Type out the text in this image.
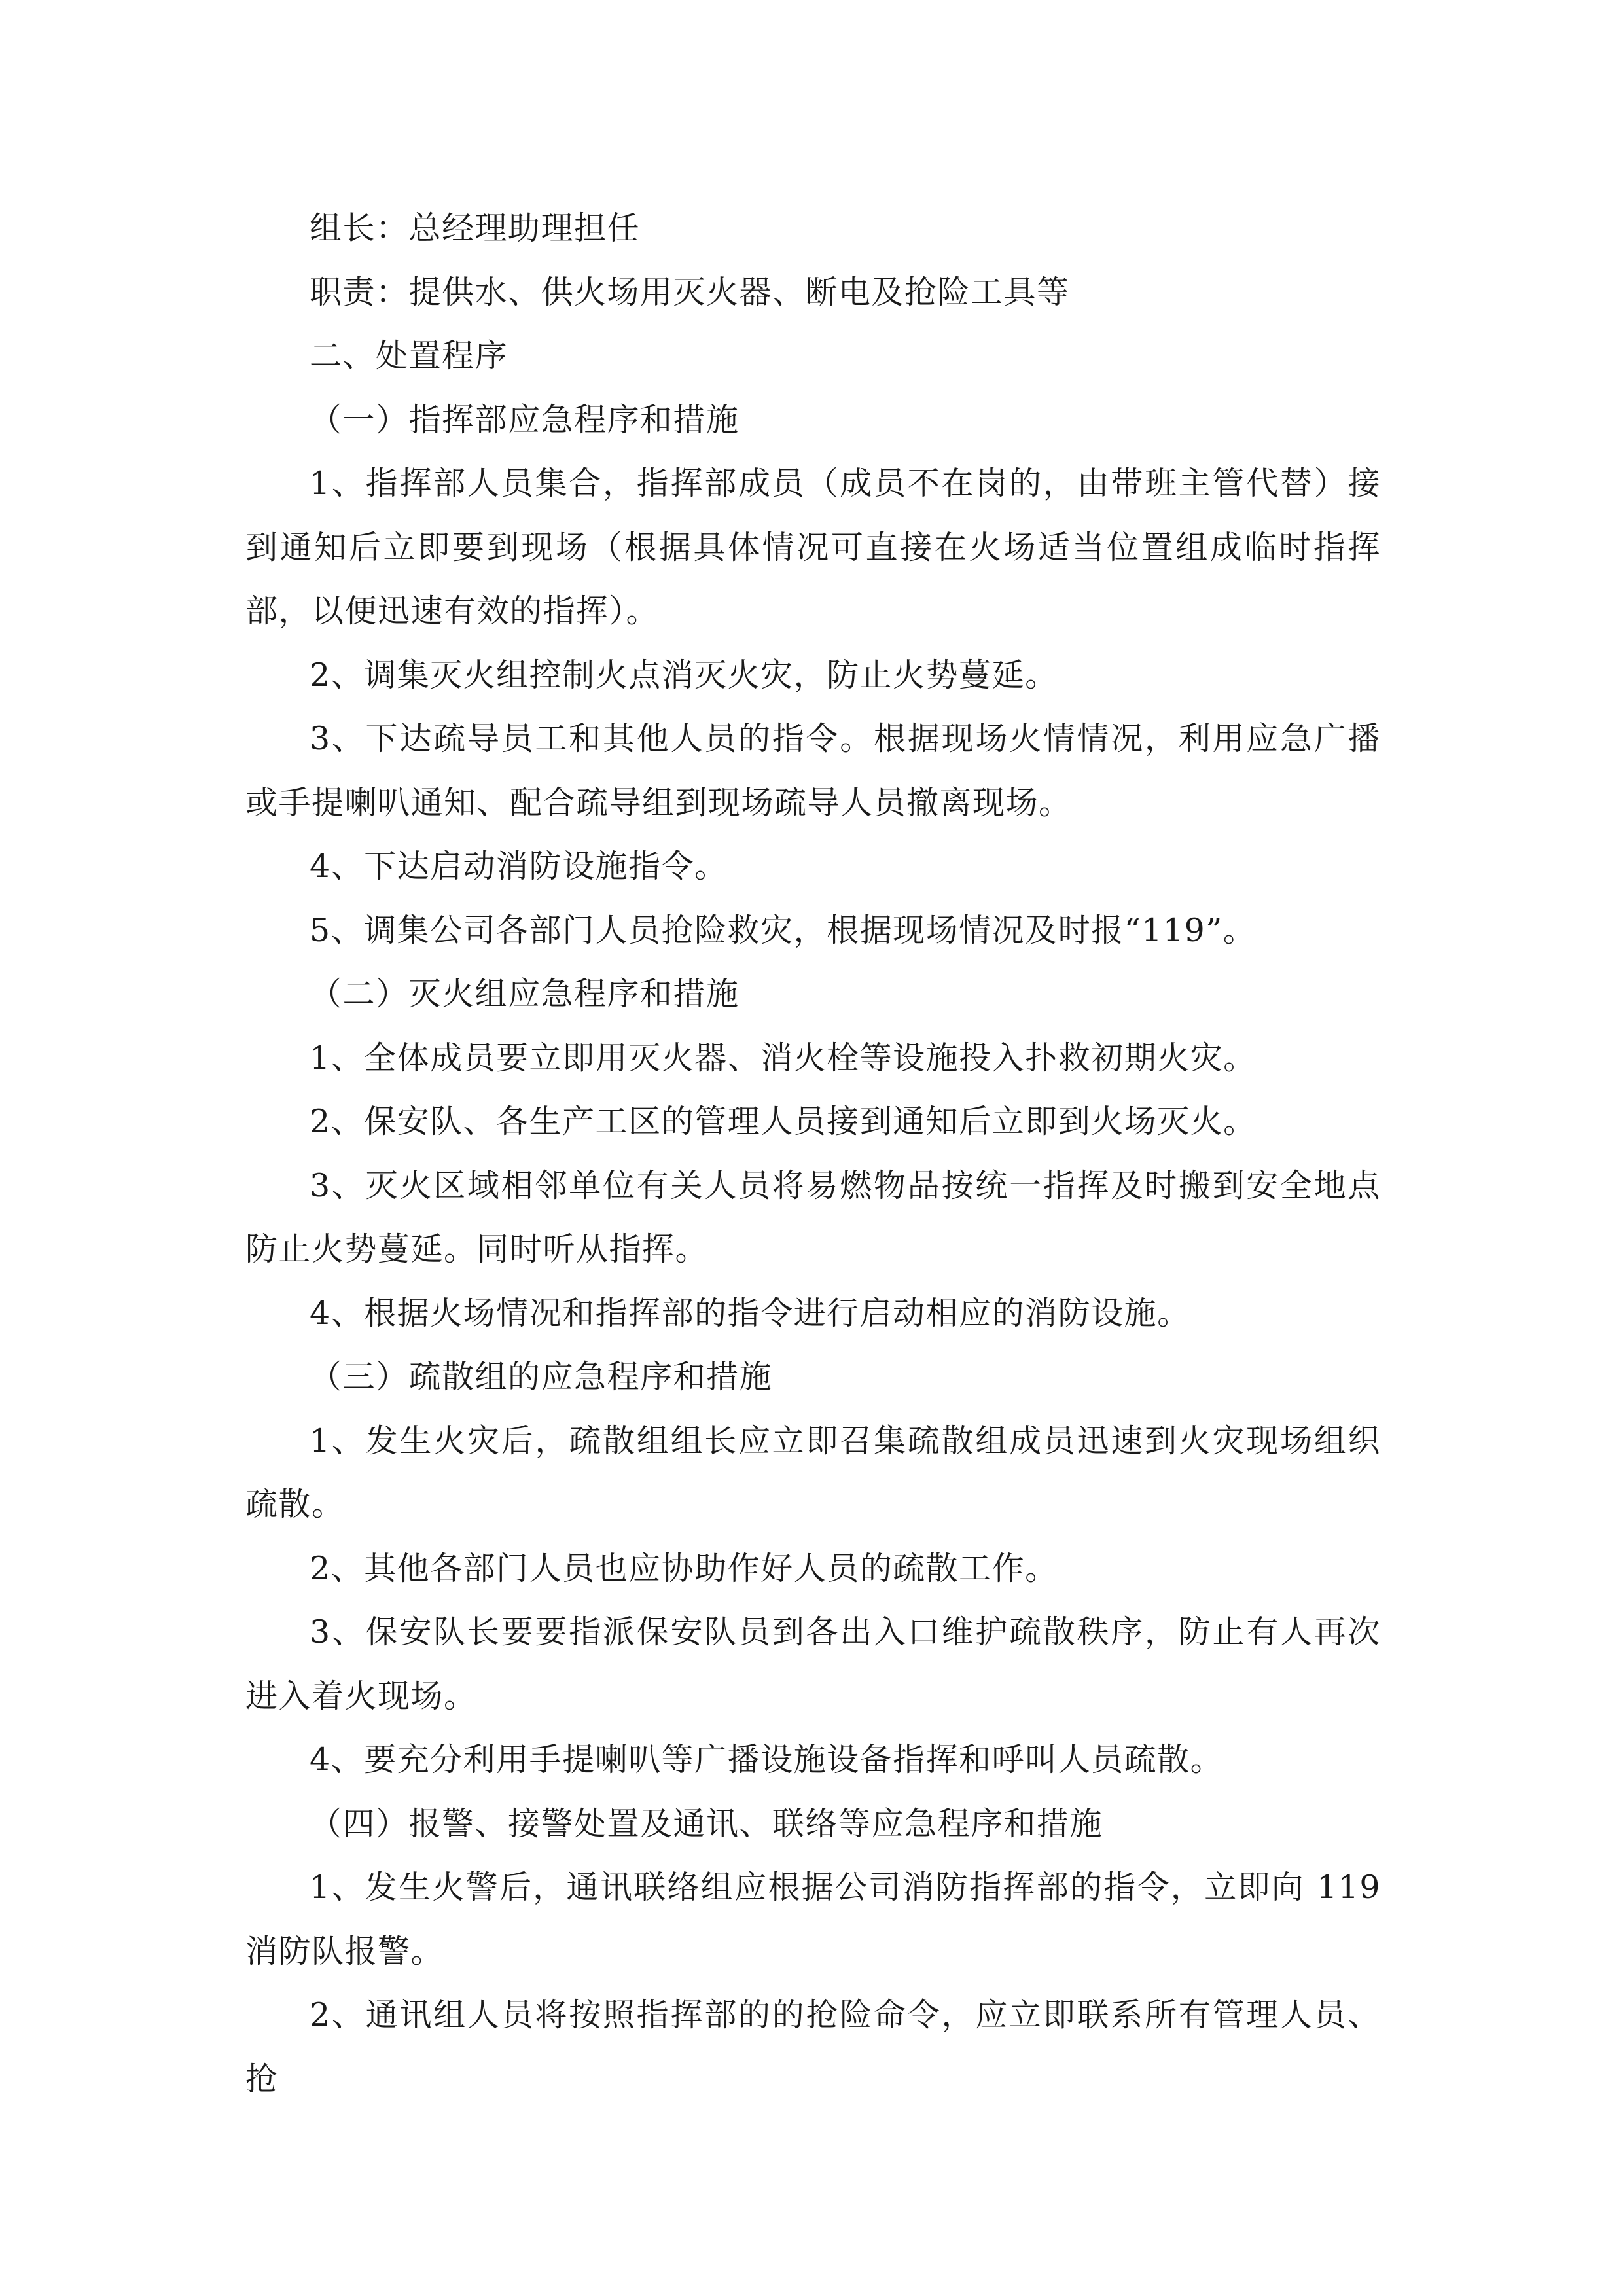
组长：总经理助理担任

职责：提供水、供火场用灭火器、断电及抢险工具等

二、处置程序

（一）指挥部应急程序和措施

1、指挥部人员集合，指挥部成员（成员不在岗的，由带班主管代替）接到通知后立即要到现场（根据具体情况可直接在火场适当位置组成临时指挥部，以便迅速有效的指挥）。

2、调集灭火组控制火点消灭火灾，防止火势蔓延。

3、下达疏导员工和其他人员的指令。根据现场火情情况，利用应急广播或手提喇叭通知、配合疏导组到现场疏导人员撤离现场。

4、下达启动消防设施指令。

5、调集公司各部门人员抢险救灾，根据现场情况及时报“119”。

（二）灭火组应急程序和措施

1、全体成员要立即用灭火器、消火栓等设施投入扑救初期火灾。

2、保安队、各生产工区的管理人员接到通知后立即到火场灭火。

3、灭火区域相邻单位有关人员将易燃物品按统一指挥及时搬到安全地点防止火势蔓延。同时听从指挥。

4、根据火场情况和指挥部的指令进行启动相应的消防设施。

（三）疏散组的应急程序和措施

1、发生火灾后，疏散组组长应立即召集疏散组成员迅速到火灾现场组织疏散。

2、其他各部门人员也应协助作好人员的疏散工作。

3、保安队长要要指派保安队员到各出入口维护疏散秩序，防止有人再次进入着火现场。

4、要充分利用手提喇叭等广播设施设备指挥和呼叫人员疏散。

（四）报警、接警处置及通讯、联络等应急程序和措施

1、发生火警后，通讯联络组应根据公司消防指挥部的指令，立即向 119 消防队报警。

2、通讯组人员将按照指挥部的的抢险命令，应立即联系所有管理人员、抢
